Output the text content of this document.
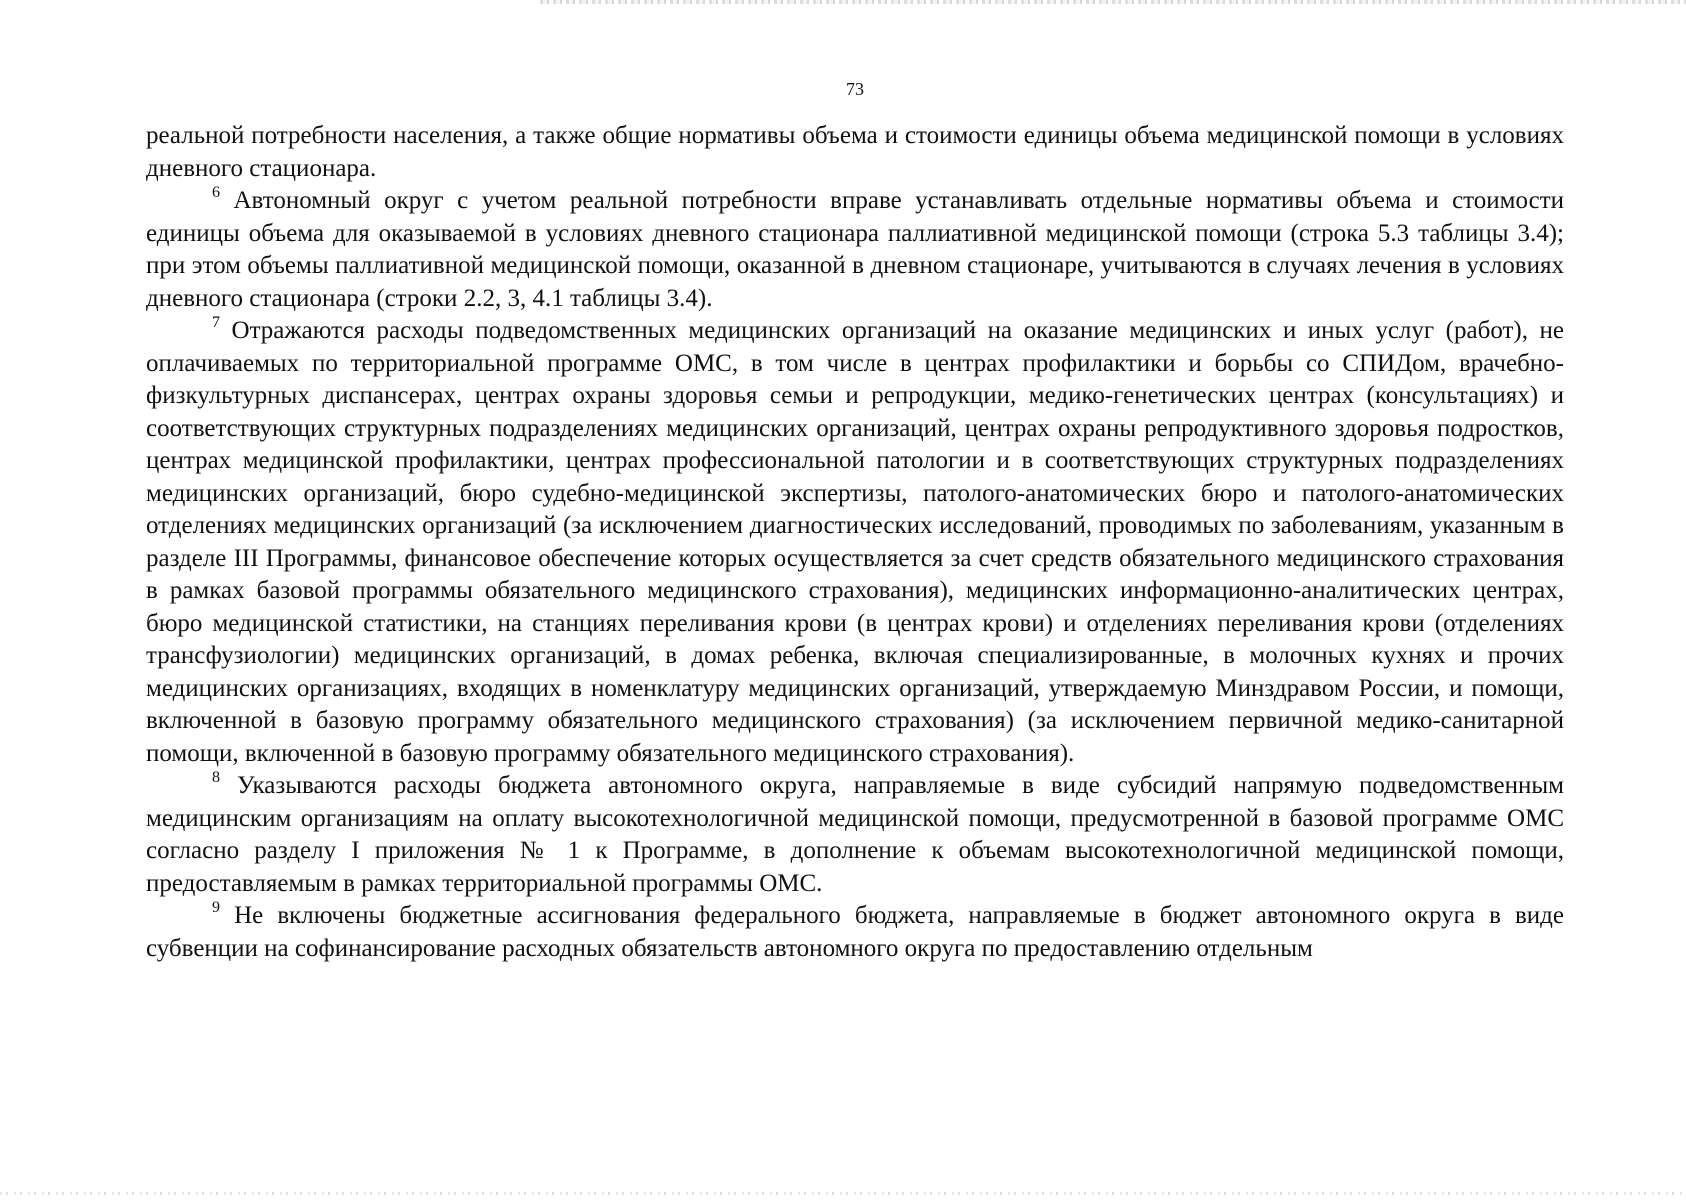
73

реальной потребности населения, а также общие нормативы объема и стоимости единицы объема медицинской помощи в условиях дневного стационара.

$^6$ Автономный округ с учетом реальной потребности вправе устанавливать отдельные нормативы объема и стоимости единицы объема для оказываемой в условиях дневного стационара паллиативной медицинской помощи (строка 5.3 таблицы 3.4); при этом объемы паллиативной медицинской помощи, оказанной в дневном стационаре, учитываются в случаях лечения в условиях дневного стационара (строки 2.2, 3, 4.1 таблицы 3.4).

$^7$ Отражаются расходы подведомственных медицинских организаций на оказание медицинских и иных услуг (работ), не оплачиваемых по территориальной программе ОМС, в том числе в центрах профилактики и борьбы со СПИДом, врачебно-физкультурных диспансерах, центрах охраны здоровья семьи и репродукции, медико-генетических центрах (консультациях) и соответствующих структурных подразделениях медицинских организаций, центрах охраны репродуктивного здоровья подростков, центрах медицинской профилактики, центрах профессиональной патологии и в соответствующих структурных подразделениях медицинских организаций, бюро судебно-медицинской экспертизы, патолого-анатомических бюро и патолого-анатомических отделениях медицинских организаций (за исключением диагностических исследований, проводимых по заболеваниям, указанным в разделе III Программы, финансовое обеспечение которых осуществляется за счет средств обязательного медицинского страхования в рамках базовой программы обязательного медицинского страхования), медицинских информационно-аналитических центрах, бюро медицинской статистики, на станциях переливания крови (в центрах крови) и отделениях переливания крови (отделениях трансфузиологии) медицинских организаций, в домах ребенка, включая специализированные, в молочных кухнях и прочих медицинских организациях, входящих в номенклатуру медицинских организаций, утверждаемую Минздравом России, и помощи, включенной в базовую программу обязательного медицинского страхования) (за исключением первичной медико-санитарной помощи, включенной в базовую программу обязательного медицинского страхования).

$^8$ Указываются расходы бюджета автономного округа, направляемые в виде субсидий напрямую подведомственным медицинским организациям на оплату высокотехнологичной медицинской помощи, предусмотренной в базовой программе ОМС согласно разделу I приложения № 1 к Программе, в дополнение к объемам высокотехнологичной медицинской помощи, предоставляемым в рамках территориальной программы ОМС.

$^9$ Не включены бюджетные ассигнования федерального бюджета, направляемые в бюджет автономного округа в виде субвенции на софинансирование расходных обязательств автономного округа по предоставлению отдельным
